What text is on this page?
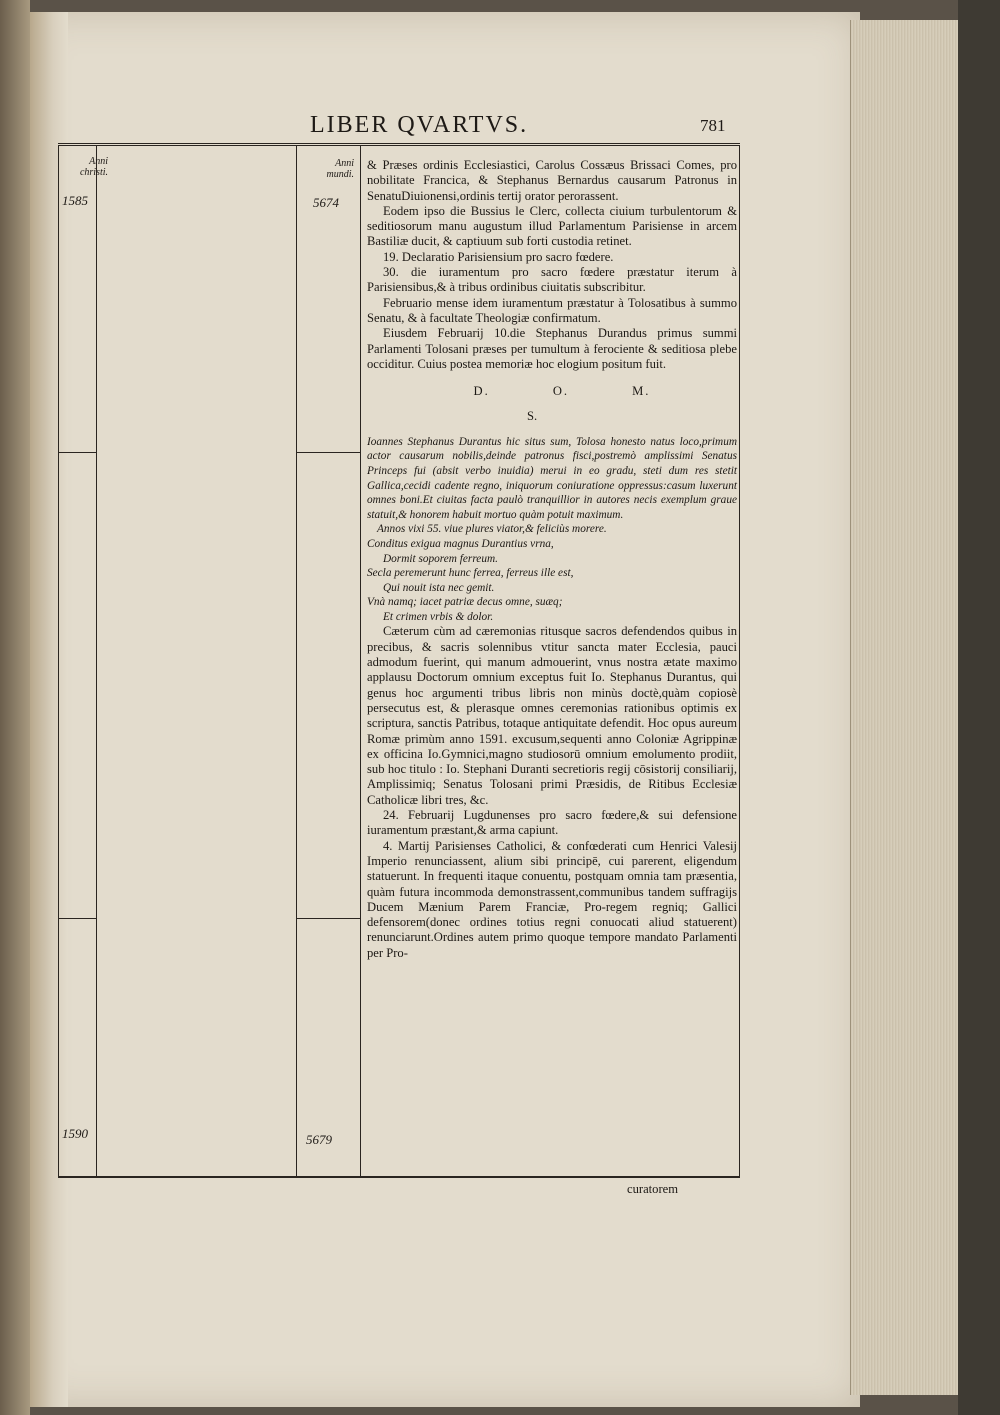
LIBER QVARTVS.	781
Anni christi.
Anni mundi.
1585	5674
1590	5679

& Præses ordinis Ecclesiastici, Carolus Cossæus Brissaci Comes, pro nobilitate Francica, & Stephanus Bernardus causarum Patronus in SenatuDiuionensi,ordinis tertij orator perorassent.

Eodem ipso die Bussius le Clerc, collecta ciuium turbulentorum & seditiosorum manu augustum illud Parlamentum Parisiense in arcem Bastiliæ ducit, & captiuum sub forti custodia retinet.

19. Declaratio Parisiensium pro sacro fœdere.

30. die iuramentum pro sacro fœdere præstatur iterum à Parisiensibus,& à tribus ordinibus ciuitatis subscribitur.

Februario mense idem iuramentum præstatur à Tolosatibus à summo Senatu, & à facultate Theologiæ confirmatum.

Eiusdem Februarij 10.die Stephanus Durandus primus summi Parlamenti Tolosani præses per tumultum à ferociente & seditiosa plebe occiditur. Cuius postea memoriæ hoc elogium positum fuit.

D.	O.	M.
S.

Ioannes Stephanus Durantus hic situs sum, Tolosa honesto natus loco,primum actor causarum nobilis,deinde patronus fisci,postremò amplissimi Senatus Princeps fui (absit verbo inuidia) merui in eo gradu, steti dum res stetit Gallica,cecidi cadente regno, iniquorum coniuratione oppressus:casum luxerunt omnes boni.Et ciuitas facta paulò tranquillior in autores necis exemplum graue statuit,& honorem habuit mortuo quàm potuit maximum.

Annos vixi 55. viue plures viator,& feliciùs morere.
Conditus exigua magnus Durantius vrna,
Dormit soporem ferreum.
Secla peremerunt hunc ferrea, ferreus ille est,
Qui nouit ista nec gemit.
Vnà namq; iacet patriæ decus omne, suæq;
Et crimen vrbis & dolor.

Cæterum cùm ad cæremonias ritusque sacros defendendos quibus in precibus, & sacris solennibus vtitur sancta mater Ecclesia, pauci admodum fuerint, qui manum admouerint, vnus nostra ætate maximo applausu Doctorum omnium exceptus fuit Io. Stephanus Durantus, qui genus hoc argumenti tribus libris non minùs doctè,quàm copiosè persecutus est, & plerasque omnes ceremonias rationibus optimis ex scriptura, sanctis Patribus, totaque antiquitate defendit. Hoc opus aureum Romæ primùm anno 1591. excusum,sequenti anno Coloniæ Agrippinæ ex officina Io.Gymnici,magno studiosorū omnium emolumento prodiit, sub hoc titulo : Io. Stephani Duranti secretioris regij cōsistorij consiliarij, Amplissimiq; Senatus Tolosani primi Præsidis, de Ritibus Ecclesiæ Catholicæ libri tres, &c.

24. Februarij Lugdunenses pro sacro fœdere,& sui defensione iuramentum præstant,& arma capiunt.

4. Martij Parisienses Catholici, & confœderati cum Henrici Valesij Imperio renunciassent, alium sibi principē, cui parerent, eligendum statuerunt. In frequenti itaque conuentu, postquam omnia tam præsentia, quàm futura incommoda demonstrassent,communibus tandem suffragijs Ducem Mænium Parem Franciæ, Pro-regem regniq; Gallici defensorem(donec ordines totius regni conuocati aliud statuerent) renunciarunt.Ordines autem primo quoque tempore mandato Parlamenti per Pro-

curatorem
